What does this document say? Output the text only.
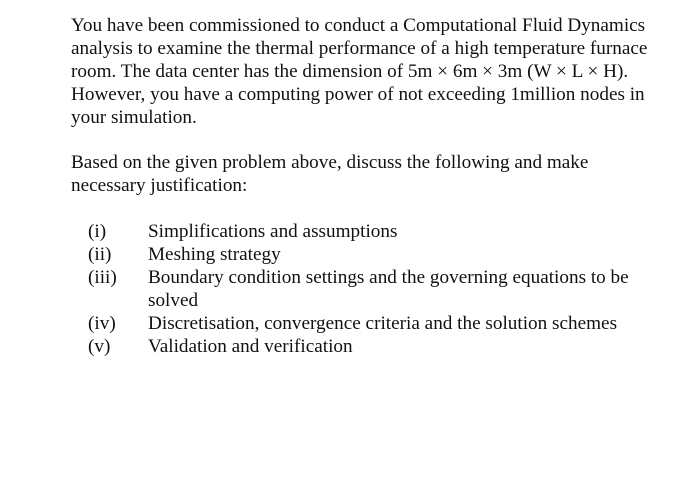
You have been commissioned to conduct a Computational Fluid Dynamics
analysis to examine the thermal performance of a high temperature furnace
room. The data center has the dimension of 5m × 6m × 3m (W × L × H).
However, you have a computing power of not exceeding 1million nodes in
your simulation.

Based on the given problem above, discuss the following and make
necessary justification:

(i)	Simplifications and assumptions
(ii)	Meshing strategy
(iii)	Boundary condition settings and the governing equations to be solved
(iv)	Discretisation, convergence criteria and the solution schemes
(v)	Validation and verification
